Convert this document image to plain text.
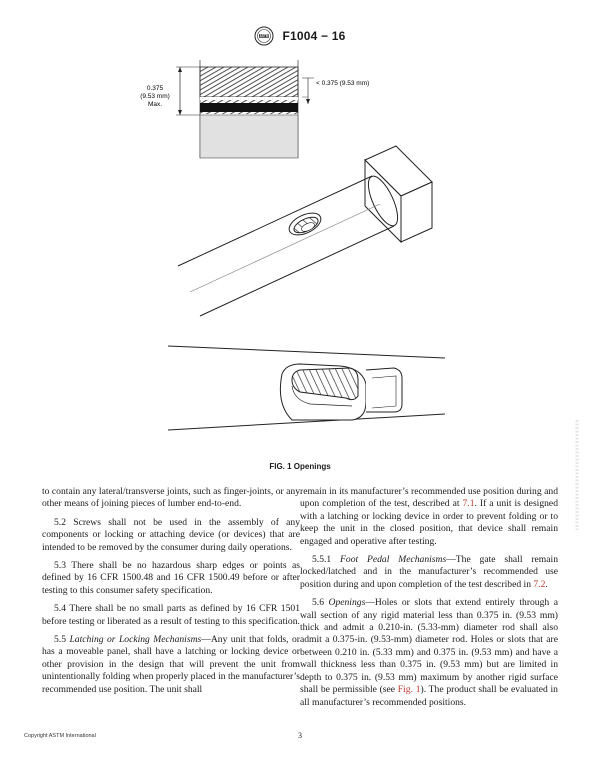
ASTM F1004 − 16
0.375
(9.53 mm)
Max.
< 0.375 (9.53 mm)
FIG. 1 Openings

to contain any lateral/transverse joints, such as finger-joints, or any other means of joining pieces of lumber end-to-end.

5.2 Screws shall not be used in the assembly of any components or locking or attaching device (or devices) that are intended to be removed by the consumer during daily operations.

5.3 There shall be no hazardous sharp edges or points as defined by 16 CFR 1500.48 and 16 CFR 1500.49 before or after testing to this consumer safety specification.

5.4 There shall be no small parts as defined by 16 CFR 1501 before testing or liberated as a result of testing to this specification.

5.5 Latching or Locking Mechanisms—Any unit that folds, or has a moveable panel, shall have a latching or locking device or other provision in the design that will prevent the unit from unintentionally folding when properly placed in the manufacturer’s recommended use position. The unit shall

remain in its manufacturer’s recommended use position during and upon completion of the test, described at 7.1. If a unit is designed with a latching or locking device in order to prevent folding or to keep the unit in the closed position, that device shall remain engaged and operative after testing.

5.5.1 Foot Pedal Mechanisms—The gate shall remain locked/latched and in the manufacturer’s recommended use position during and upon completion of the test described in 7.2.

5.6 Openings—Holes or slots that extend entirely through a wall section of any rigid material less than 0.375 in. (9.53 mm) thick and admit a 0.210-in. (5.33-mm) diameter rod shall also admit a 0.375-in. (9.53-mm) diameter rod. Holes or slots that are between 0.210 in. (5.33 mm) and 0.375 in. (9.53 mm) and have a wall thickness less than 0.375 in. (9.53 mm) but are limited in depth to 0.375 in. (9.53 mm) maximum by another rigid surface shall be permissible (see Fig. 1). The product shall be evaluated in all manufacturer’s recommended positions.

Copyright ASTM International	3
